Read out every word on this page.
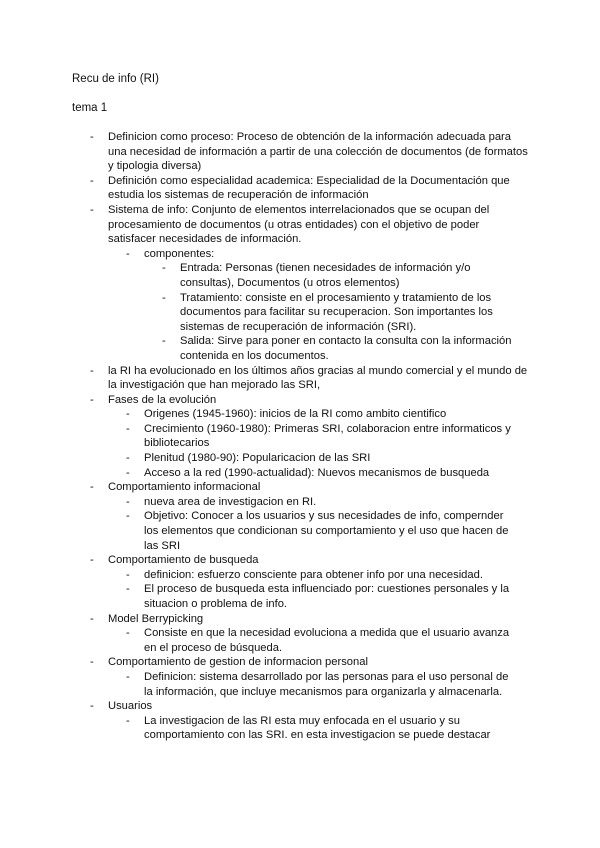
Recu de info (RI)
tema 1
-	Definicion como proceso: Proceso de obtención de la información adecuada para una necesidad de información a partir de una colección de documentos (de formatos y tipologia diversa)
-	Definición como especialidad academica: Especialidad de la Documentación que estudia los sistemas de recuperación de información
-	Sistema de info: Conjunto de elementos interrelacionados que se ocupan del procesamiento de documentos (u otras entidades) con el objetivo de poder satisfacer necesidades de información.
-	componentes:
-	Entrada: Personas (tienen necesidades de información y/o consultas), Documentos (u otros elementos)
-	Tratamiento: consiste en el procesamiento y tratamiento de los documentos para facilitar su recuperacion. Son importantes los sistemas de recuperación de información (SRI).
-	Salida: Sirve para poner en contacto la consulta con la información contenida en los documentos.
-	la RI ha evolucionado en los últimos años gracias al mundo comercial y el mundo de la investigación que han mejorado las SRI,
-	Fases de la evolución
-	Origenes (1945-1960): inicios de la RI como ambito cientifico
-	Crecimiento (1960-1980): Primeras SRI, colaboracion entre informaticos y bibliotecarios
-	Plenitud (1980-90): Popularicacion de las SRI
-	Acceso a la red (1990-actualidad): Nuevos mecanismos de busqueda
-	Comportamiento informacional
-	nueva area de investigacion en RI.
-	Objetivo: Conocer a los usuarios y sus necesidades de info, compernder los elementos que condicionan su comportamiento y el uso que hacen de las SRI
-	Comportamiento de busqueda
-	definicion: esfuerzo consciente para obtener info por una necesidad.
-	El proceso de busqueda esta influenciado por: cuestiones personales y la situacion o problema de info.
-	Model Berrypicking
-	Consiste en que la necesidad evoluciona a medida que el usuario avanza en el proceso de búsqueda.
-	Comportamiento de gestion de informacion personal
-	Definicion: sistema desarrollado por las personas para el uso personal de la información, que incluye mecanismos para organizarla y almacenarla.
-	Usuarios
-	La investigacion de las RI esta muy enfocada en el usuario y su comportamiento con las SRI. en esta investigacion se puede destacar
